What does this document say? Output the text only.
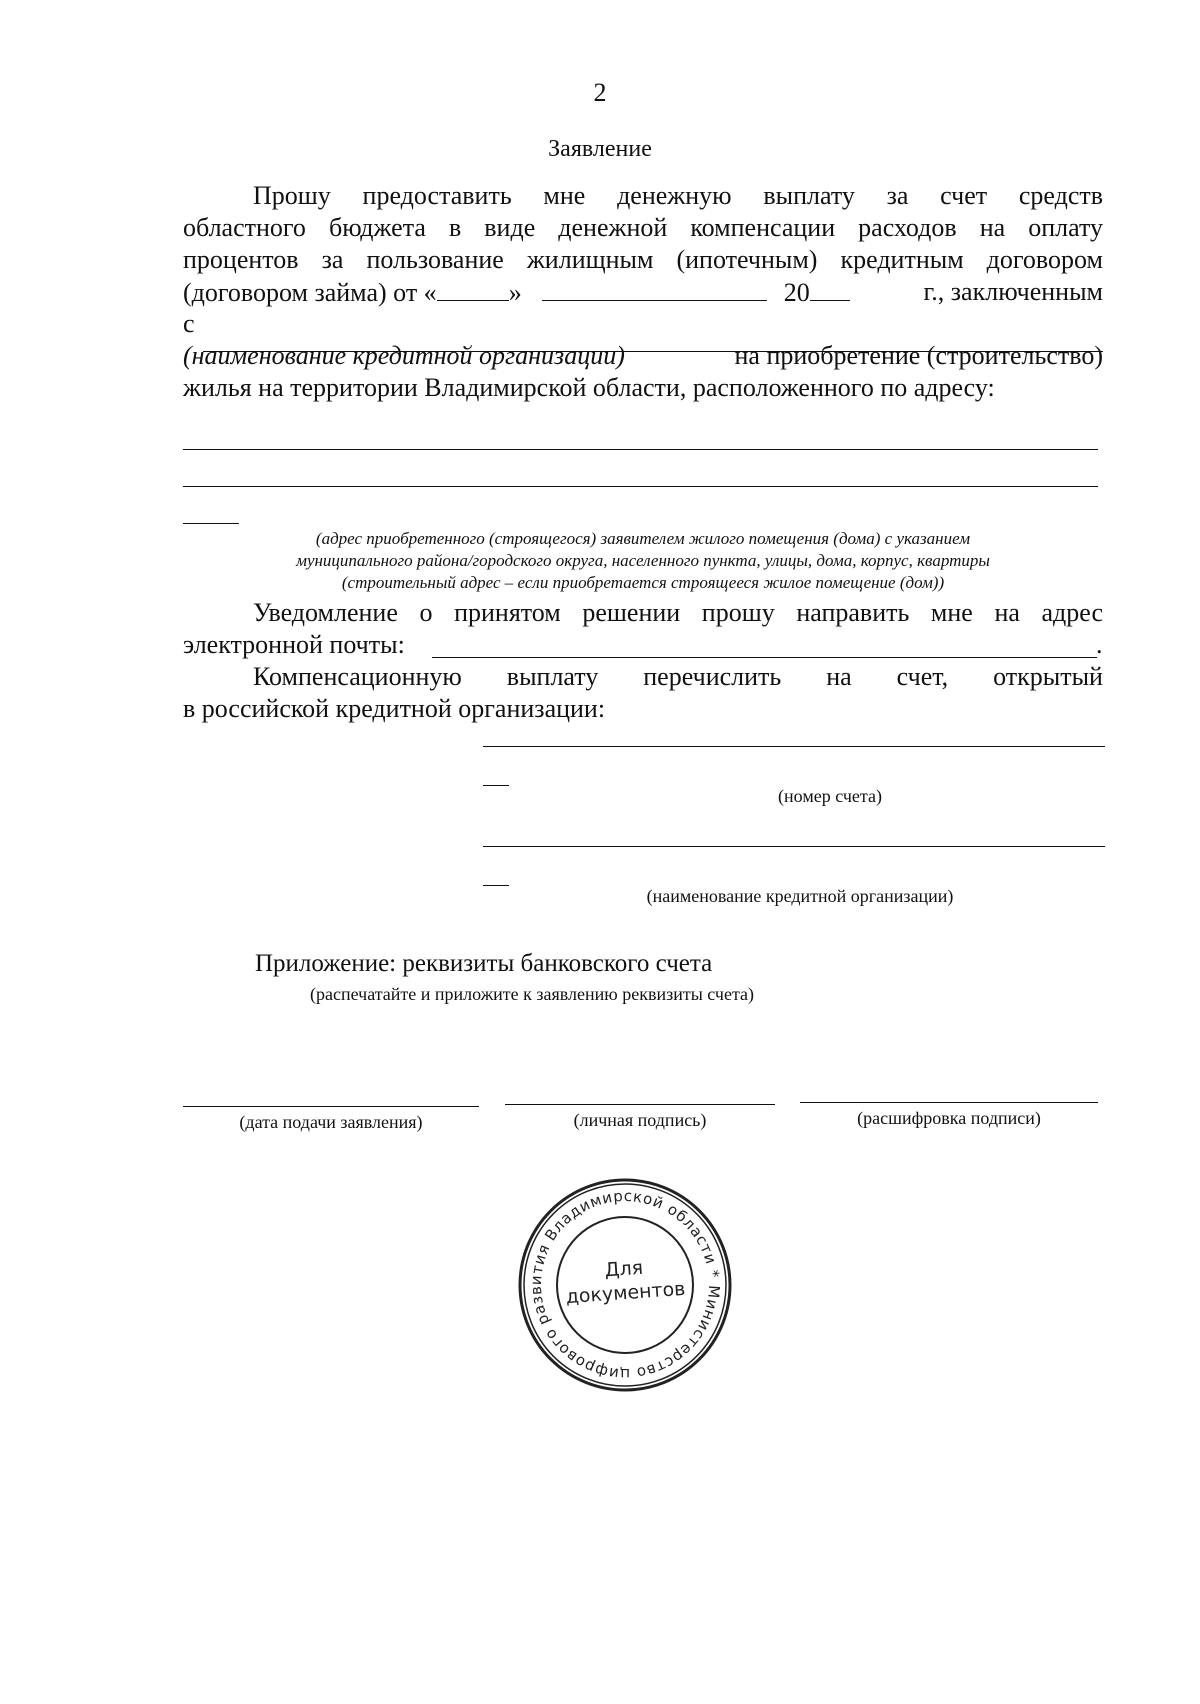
2
Заявление
Прошу предоставить мне денежную выплату за счет средств
областного бюджета в виде денежной компенсации расходов на оплату
процентов за пользование жилищным (ипотечным) кредитным договором
(договором займа) от «	»	20	г., заключенным
с
(наименование кредитной организации)	на приобретение (строительство)
жилья на территории Владимирской области, расположенного по адресу:
(адрес приобретенного (строящегося) заявителем жилого помещения (дома) с указанием
муниципального района/городского округа, населенного пункта, улицы, дома, корпус, квартиры
(строительный адрес – если приобретается строящееся жилое помещение (дом))
Уведомление о принятом решении прошу направить мне на адрес
электронной почты:	.
Компенсационную выплату перечислить на счет, открытый
в российской кредитной организации:
(номер счета)
(наименование кредитной организации)
Приложение: реквизиты банковского счета
(распечатайте и приложите к заявлению реквизиты счета)
(дата подачи заявления)	(личная подпись)	(расшифровка подписи)
Министерство цифрового развития Владимирской области *
Для
документов
